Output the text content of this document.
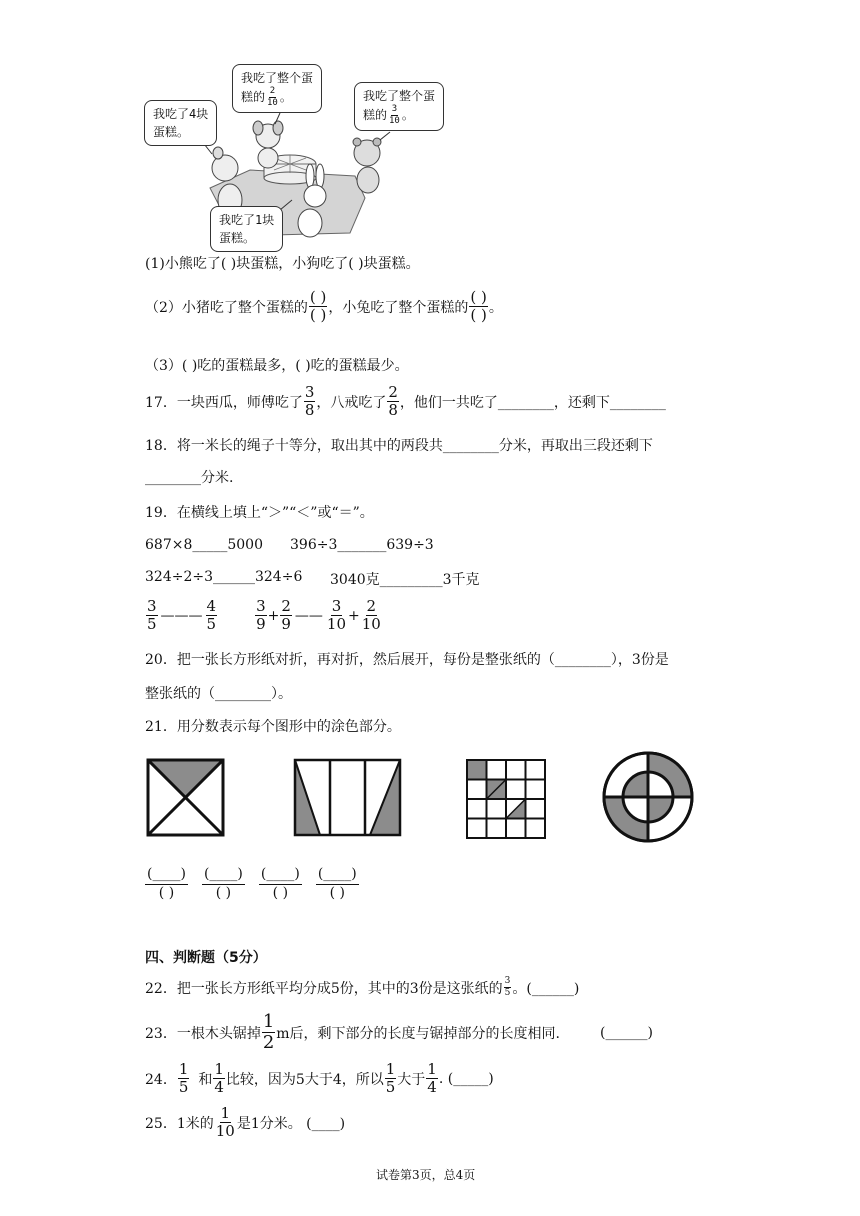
我吃了整个蛋
糕的 $\frac{2}{10}$ 。	我吃了整个蛋
糕的 $\frac{3}{10}$ 。
我吃了4块
蛋糕。
我吃了1块
蛋糕。
(1)小熊吃了( )块蛋糕，小狗吃了( )块蛋糕。
（2）小猪吃了整个蛋糕的 $\frac{( )}{( )}$ ，小兔吃了整个蛋糕的 $\frac{( )}{( )}$ 。
（3）( )吃的蛋糕最多，( )吃的蛋糕最少。
17．一块西瓜，师傅吃了 $\frac{3}{8}$ ，八戒吃了 $\frac{2}{8}$ ，他们一共吃了________，还剩下________
18．将一米长的绳子十等分，取出其中的两段共________分米，再取出三段还剩下
________分米.
19．在横线上填上“＞”“＜”或“＝”。
687×8_____5000 396÷3_______639÷3
324÷2÷3______324÷6 3040克_________3千克
$\frac{3}{5}$ ——— $\frac{4}{5}$	$\frac{3}{9} + \frac{2}{9}$ —— $\frac{3}{10} + \frac{2}{10}$
20．把一张长方形纸对折，再对折，然后展开，每份是整张纸的（________），3份是
整张纸的（________）。
21．用分数表示每个图形中的涂色部分。
$\frac{(\_\_\_\_)}{( )} \frac{(\_\_\_\_)}{( )} \frac{(\_\_\_\_)}{( )} \frac{(\_\_\_\_)}{( )}$
四、判断题（5分）
22．把一张长方形纸平均分成5份，其中的3份是这张纸的 $\frac{3}{5}$ 。(______)
23．一根木头锯掉 $\frac{1}{2}$ m后，剩下部分的长度与锯掉部分的长度相同.	(______)
24． $\frac{1}{5}$ 和 $\frac{1}{4}$ 比较，因为5大于4，所以 $\frac{1}{5}$ 大于 $\frac{1}{4}$ . (_____)
25．1米的 $\frac{1}{10}$ 是1分米。 (____)
试卷第3页，总4页
